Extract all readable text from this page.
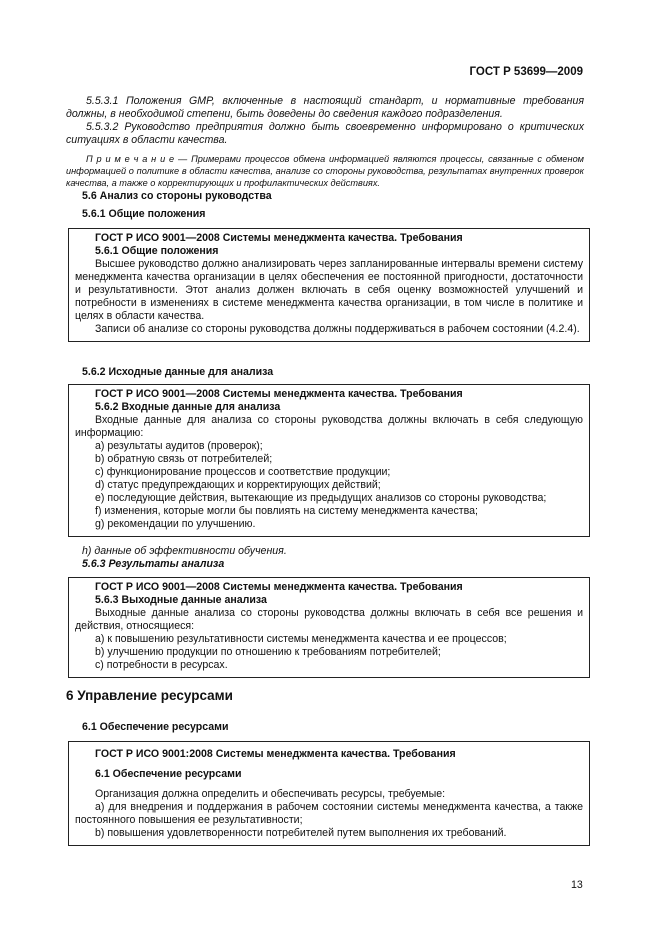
ГОСТ Р 53699—2009
5.5.3.1 Положения GMP, включенные в настоящий стандарт, и нормативные требования должны, в необходимой степени, быть доведены до сведения каждого подразделения.
5.5.3.2 Руководство предприятия должно быть своевременно информировано о критических ситуациях в области качества.
П р и м е ч а н и е — Примерами процессов обмена информацией являются процессы, связанные с обменом информацией о политике в области качества, анализе со стороны руководства, результатах внутренних проверок качества, а также о корректирующих и профилактических действиях.
5.6 Анализ со стороны руководства
5.6.1 Общие положения

ГОСТ Р ИСО 9001—2008 Системы менеджмента качества. Требования

5.6.1 Общие положения

Высшее руководство должно анализировать через запланированные интервалы времени систему менеджмента качества организации в целях обеспечения ее постоянной пригодности, достаточности и результативности. Этот анализ должен включать в себя оценку возможностей улучшений и потребности в изменениях в системе менеджмента качества организации, в том числе в политике и целях в области качества.

Записи об анализе со стороны руководства должны поддерживаться в рабочем состоянии (4.2.4).

5.6.2 Исходные данные для анализа

ГОСТ Р ИСО 9001—2008 Системы менеджмента качества. Требования

5.6.2 Входные данные для анализа

Входные данные для анализа со стороны руководства должны включать в себя следующую информацию:

a) результаты аудитов (проверок);

b) обратную связь от потребителей;

c) функционирование процессов и соответствие продукции;

d) статус предупреждающих и корректирующих действий;

e) последующие действия, вытекающие из предыдущих анализов со стороны руководства;

f) изменения, которые могли бы повлиять на систему менеджмента качества;

g) рекомендации по улучшению.

h) данные об эффективности обучения.
5.6.3 Результаты анализа

ГОСТ Р ИСО 9001—2008 Системы менеджмента качества. Требования

5.6.3 Выходные данные анализа

Выходные данные анализа со стороны руководства должны включать в себя все решения и действия, относящиеся:

a) к повышению результативности системы менеджмента качества и ее процессов;

b) улучшению продукции по отношению к требованиям потребителей;

c) потребности в ресурсах.

6 Управление ресурсами
6.1 Обеспечение ресурсами

ГОСТ Р ИСО 9001:2008 Системы менеджмента качества. Требования

6.1 Обеспечение ресурсами

Организация должна определить и обеспечивать ресурсы, требуемые:

a) для внедрения и поддержания в рабочем состоянии системы менеджмента качества, а также постоянного повышения ее результативности;

b) повышения удовлетворенности потребителей путем выполнения их требований.

13
